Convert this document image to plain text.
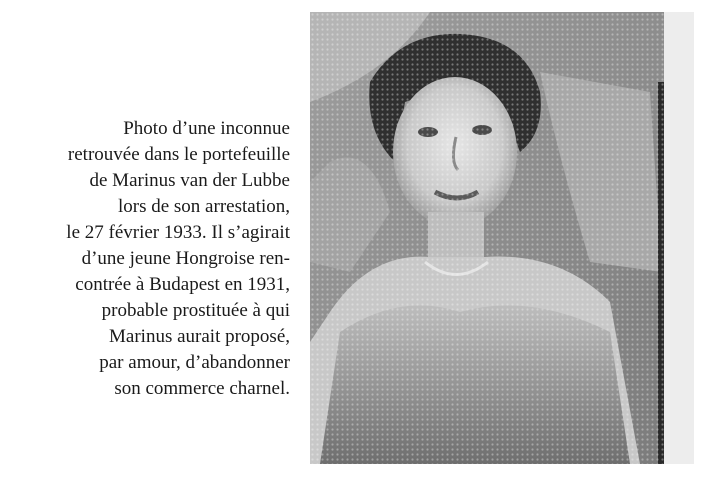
Photo d’une inconnue
retrouvée dans le portefeuille
de Marinus van der Lubbe
lors de son arrestation,
le 27 février 1933. Il s’agirait
d’une jeune Hongroise ren-
contrée à Budapest en 1931,
probable prostituée à qui
Marinus aurait proposé,
par amour, d’abandonner
son commerce charnel.
